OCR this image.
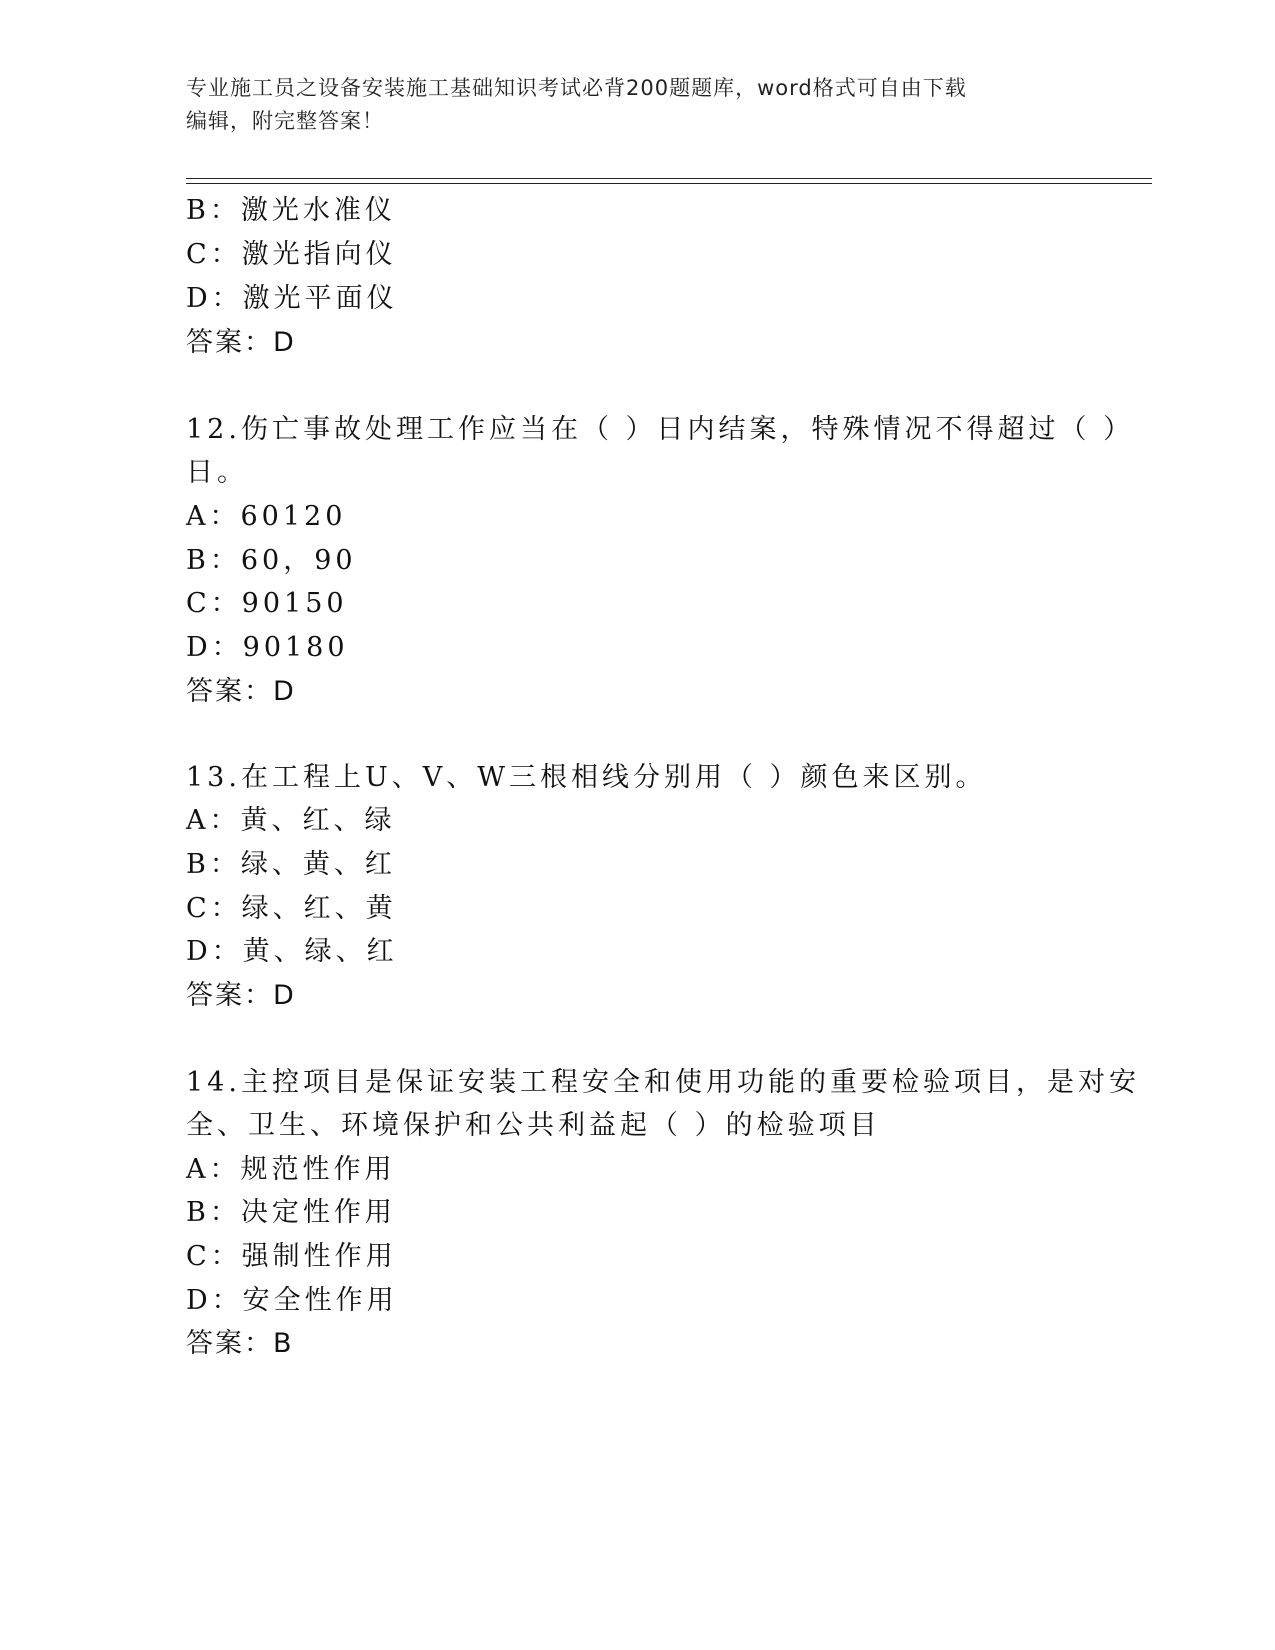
专业施工员之设备安装施工基础知识考试必背200题题库，word格式可自由下载
编辑，附完整答案！
B：激光水准仪
C：激光指向仪
D：激光平面仪
答案：D
12.伤亡事故处理工作应当在（ ）日内结案，特殊情况不得超过（ ）
日。
A：60120
B：60，90
C：90150
D：90180
答案：D
13.在工程上U、V、W三根相线分别用（ ）颜色来区别。
A：黄、红、绿
B：绿、黄、红
C：绿、红、黄
D：黄、绿、红
答案：D
14.主控项目是保证安装工程安全和使用功能的重要检验项目，是对安
全、卫生、环境保护和公共利益起（ ）的检验项目
A：规范性作用
B：决定性作用
C：强制性作用
D：安全性作用
答案：B
